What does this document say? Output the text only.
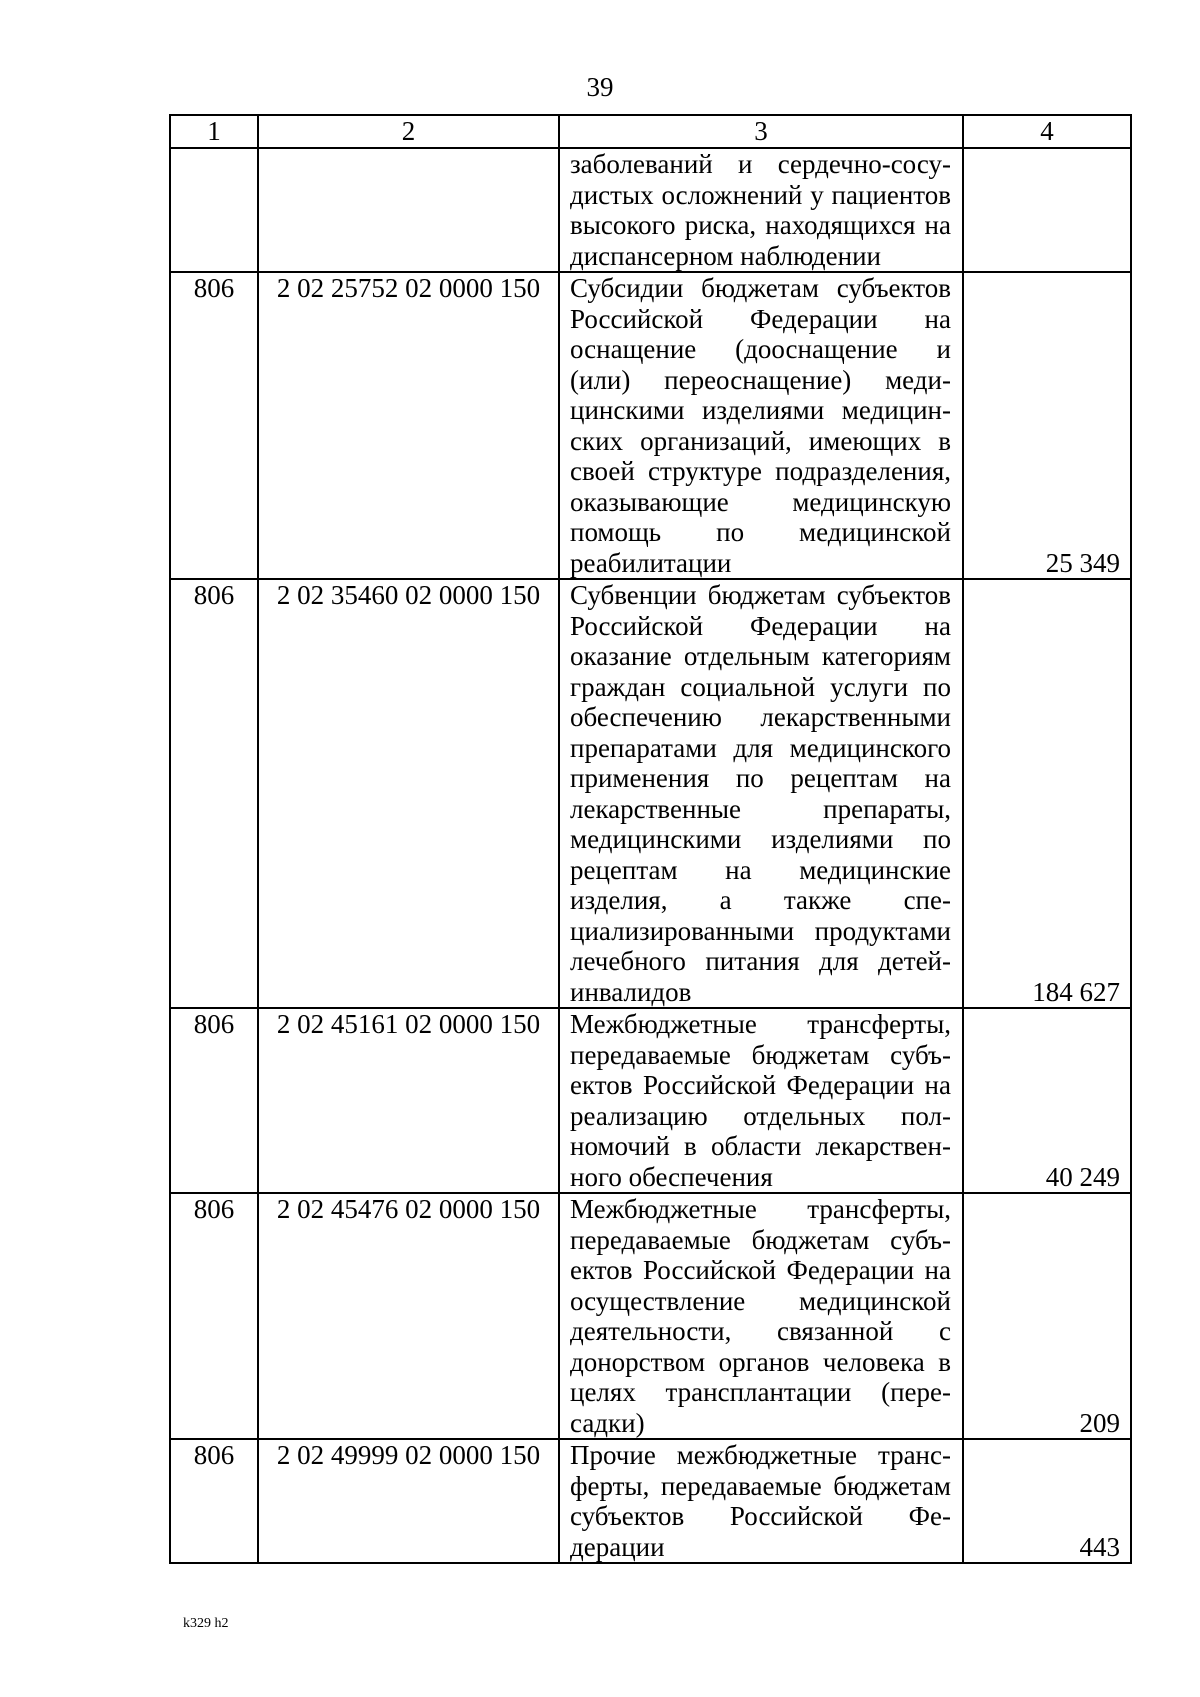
39
1	2	3	4
		заболеваний и сердечно-сосудистых осложнений у пациентов высокого риска, находящихся на диспансерном наблюдении	
806	2 02 25752 02 0000 150	Субсидии бюджетам субъектов Российской Федерации на оснащение (дооснащение и (или) переоснащение) медицинскими изделиями медицинских организаций, имеющих в своей структуре подразделения, оказывающие медицинскую помощь по медицинской реабилитации	25 349
806	2 02 35460 02 0000 150	Субвенции бюджетам субъектов Российской Федерации на оказание отдельным категориям граждан социальной услуги по обеспечению лекарственными препаратами для медицинского применения по рецептам на лекарственные препараты, медицинскими изделиями по рецептам на медицинские изделия, а также специализированными продуктами лечебного питания для детей-инвалидов	184 627
806	2 02 45161 02 0000 150	Межбюджетные трансферты, передаваемые бюджетам субъектов Российской Федерации на реализацию отдельных полномочий в области лекарственного обеспечения	40 249
806	2 02 45476 02 0000 150	Межбюджетные трансферты, передаваемые бюджетам субъектов Российской Федерации на осуществление медицинской деятельности, связанной с донорством органов человека в целях трансплантации (пересадки)	209
806	2 02 49999 02 0000 150	Прочие межбюджетные трансферты, передаваемые бюджетам субъектов Российской Федерации	443
k329 h2
